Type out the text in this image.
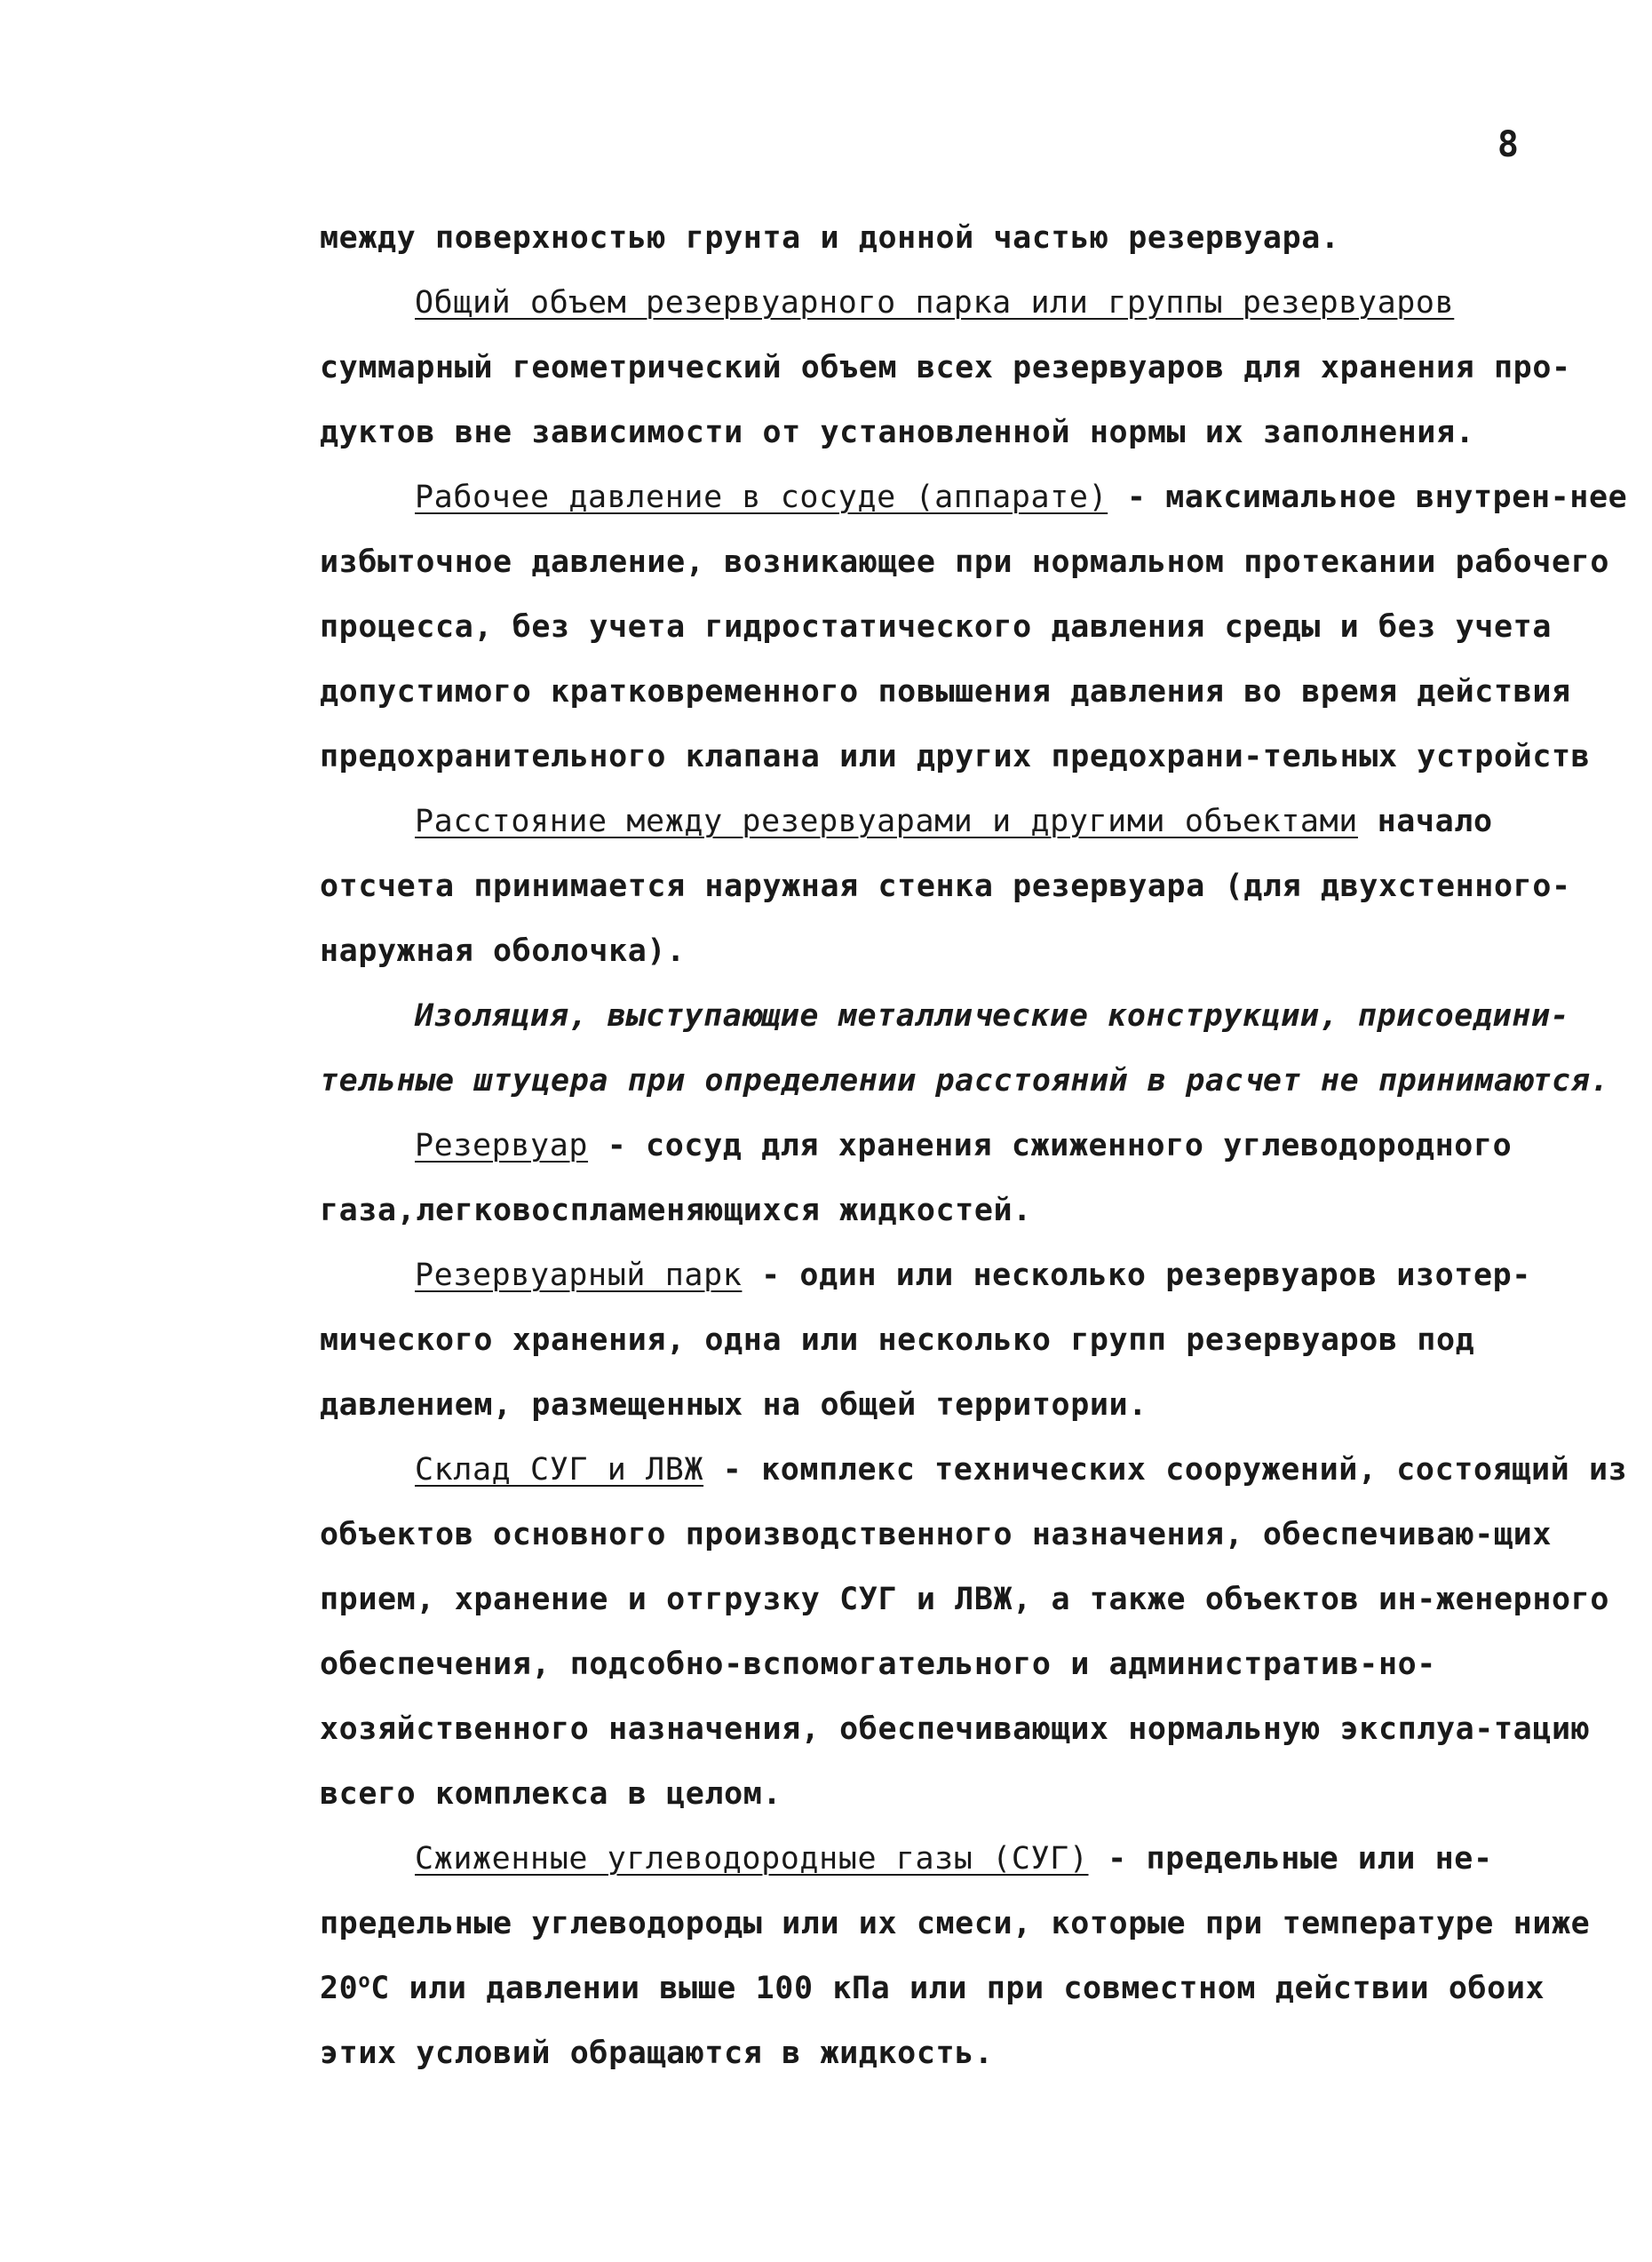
8

между поверхностью грунта и донной частью резервуара.

Общий объем резервуарного парка или группы резервуаров суммарный геометрический объем всех резервуаров для хранения про-дуктов вне зависимости от установленной нормы их заполнения.

Рабочее давление в сосуде (аппарате) - максимальное внутрен-нее избыточное давление, возникающее при нормальном протекании рабочего процесса, без учета гидростатического давления среды и без учета допустимого кратковременного повышения давления во время действия предохранительного клапана или других предохрани-тельных устройств

Расстояние между резервуарами и другими объектами начало отсчета принимается наружная стенка резервуара (для двухстенного-наружная оболочка).

Изоляция, выступающие металлические конструкции, присоедини-тельные штуцера при определении расстояний в расчет не принимаются.

Резервуар - сосуд для хранения сжиженного углеводородного газа,легковоспламеняющихся жидкостей.

Резервуарный парк - один или несколько резервуаров изотер-мического хранения, одна или несколько групп резервуаров под давлением, размещенных на общей территории.

Склад СУГ и ЛВЖ - комплекс технических сооружений, состоящий из объектов основного производственного назначения, обеспечиваю-щих прием, хранение и отгрузку СУГ и ЛВЖ, а также объектов ин-женерного обеспечения, подсобно-вспомогательного и административ-но-хозяйственного назначения, обеспечивающих нормальную эксплуа-тацию всего комплекса в целом.

Сжиженные углеводородные газы (СУГ) - предельные или не-предельные углеводороды или их смеси, которые при температуре ниже $20^оС$ или давлении выше 100 кПа или при совместном действии обоих этих условий обращаются в жидкость.
